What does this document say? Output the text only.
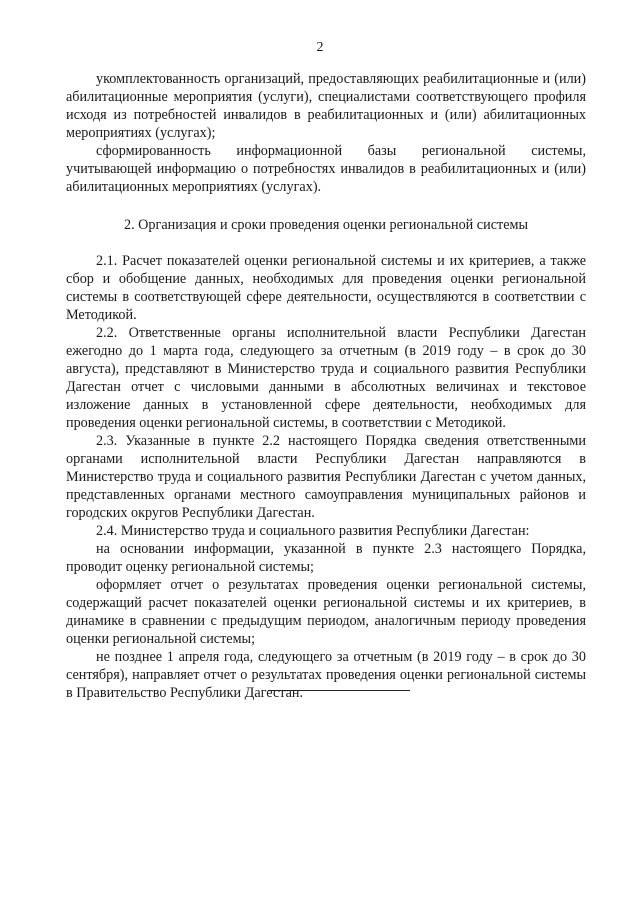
2

укомплектованность организаций, предоставляющих реабилитационные и (или) абилитационные мероприятия (услуги), специалистами соответствующего профиля исходя из потребностей инвалидов в реабилитационных и (или) абилитационных мероприятиях (услугах);

сформированность информационной базы региональной системы, учитывающей информацию о потребностях инвалидов в реабилитационных и (или) абилитационных мероприятиях (услугах).

2. Организация и сроки проведения оценки региональной системы

2.1. Расчет показателей оценки региональной системы и их критериев, а также сбор и обобщение данных, необходимых для проведения оценки региональной системы в соответствующей сфере деятельности, осуществляются в соответствии с Методикой.

2.2. Ответственные органы исполнительной власти Республики Дагестан ежегодно до 1 марта года, следующего за отчетным (в 2019 году – в срок до 30 августа), представляют в Министерство труда и социального развития Республики Дагестан отчет с числовыми данными в абсолютных величинах и текстовое изложение данных в установленной сфере деятельности, необходимых для проведения оценки региональной системы, в соответствии с Методикой.

2.3. Указанные в пункте 2.2 настоящего Порядка сведения ответственными органами исполнительной власти Республики Дагестан направляются в Министерство труда и социального развития Республики Дагестан с учетом данных, представленных органами местного самоуправления муниципальных районов и городских округов Республики Дагестан.

2.4. Министерство труда и социального развития Республики Дагестан:

на основании информации, указанной в пункте 2.3 настоящего Порядка, проводит оценку региональной системы;

оформляет отчет о результатах проведения оценки региональной системы, содержащий расчет показателей оценки региональной системы и их критериев, в динамике в сравнении с предыдущим периодом, аналогичным периоду проведения оценки региональной системы;

не позднее 1 апреля года, следующего за отчетным (в 2019 году – в срок до 30 сентября), направляет отчет о результатах проведения оценки региональной системы в Правительство Республики Дагестан.
